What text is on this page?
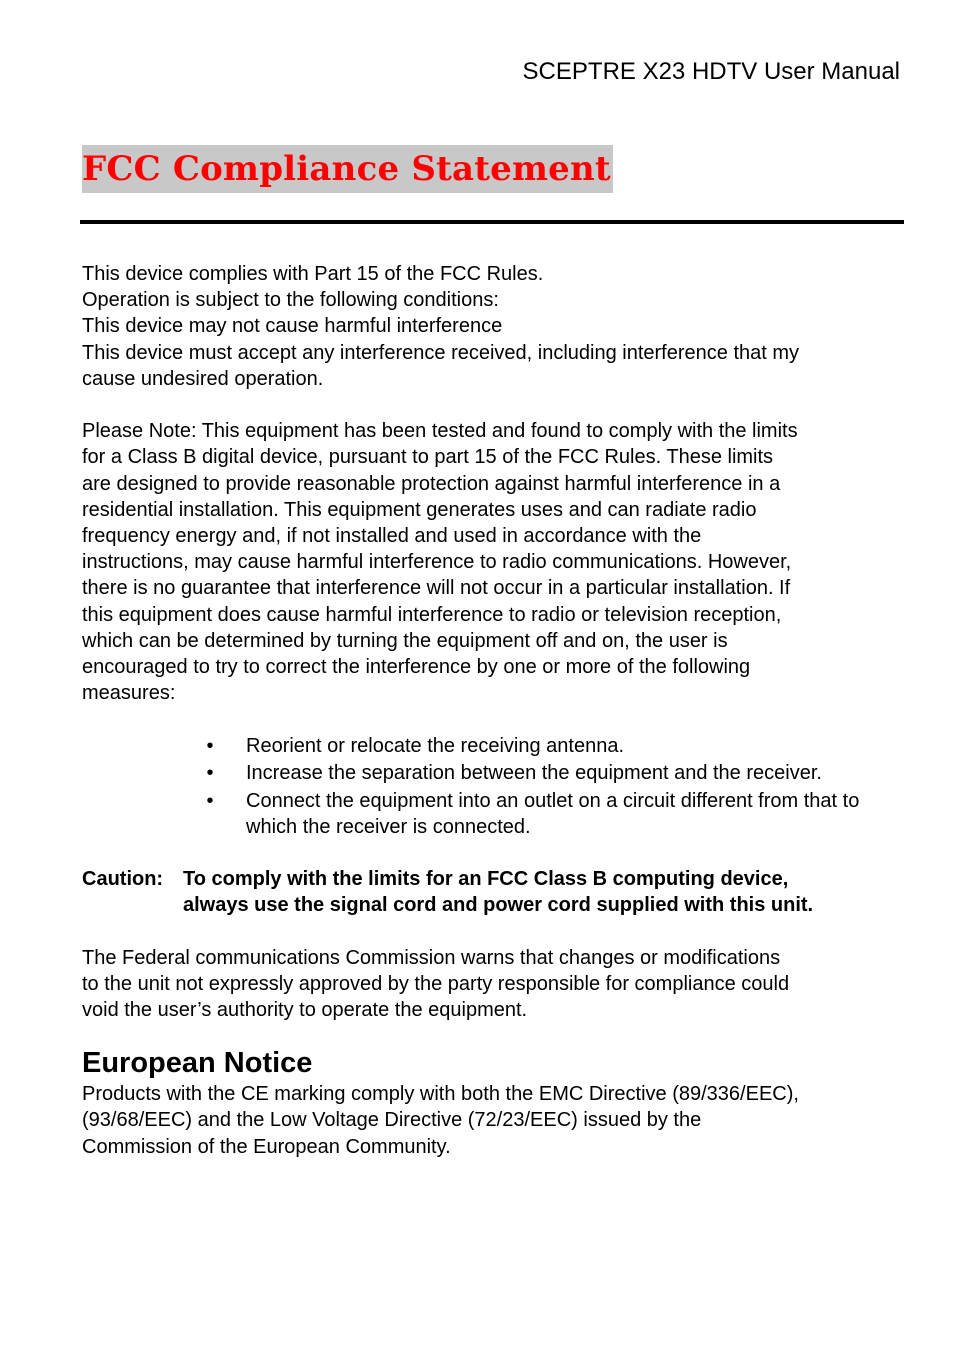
SCEPTRE X23 HDTV User Manual
FCC Compliance Statement

This device complies with Part 15 of the FCC Rules.

Operation is subject to the following conditions:

This device may not cause harmful interference

This device must accept any interference received, including interference that my

cause undesired operation.

Please Note: This equipment has been tested and found to comply with the limits

for a Class B digital device, pursuant to part 15 of the FCC Rules. These limits

are designed to provide reasonable protection against harmful interference in a

residential installation. This equipment generates uses and can radiate radio

frequency energy and, if not installed and used in accordance with the

instructions, may cause harmful interference to radio communications. However,

there is no guarantee that interference will not occur in a particular installation. If

this equipment does cause harmful interference to radio or television reception,

which can be determined by turning the equipment off and on, the user is

encouraged to try to correct the interference by one or more of the following

measures:

• Reorient or relocate the receiving antenna.
• Increase the separation between the equipment and the receiver.
• Connect the equipment into an outlet on a circuit different from that to which the receiver is connected.
Caution: To comply with the limits for an FCC Class B computing device,
always use the signal cord and power cord supplied with this unit.

The Federal communications Commission warns that changes or modifications

to the unit not expressly approved by the party responsible for compliance could

void the user’s authority to operate the equipment.

European Notice

Products with the CE marking comply with both the EMC Directive (89/336/EEC),

(93/68/EEC) and the Low Voltage Directive (72/23/EEC) issued by the

Commission of the European Community.
